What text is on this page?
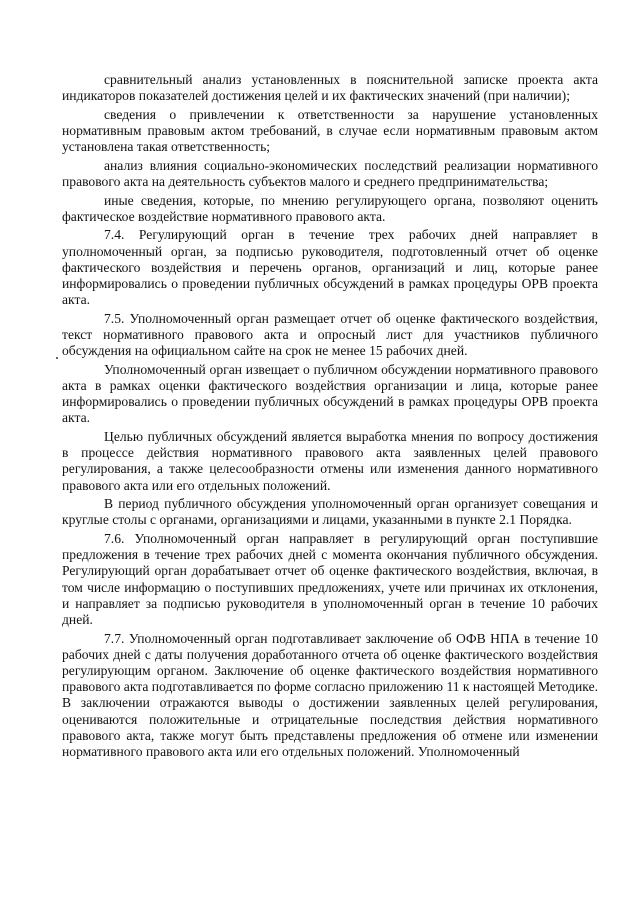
сравнительный анализ установленных в пояснительной записке проекта акта индикаторов показателей достижения целей и их фактических значений (при наличии);

сведения о привлечении к ответственности за нарушение установленных нормативным правовым актом требований, в случае если нормативным правовым актом установлена такая ответственность;

анализ влияния социально-экономических последствий реализации нормативного правового акта на деятельность субъектов малого и среднего предпринимательства;

иные сведения, которые, по мнению регулирующего органа, позволяют оценить фактическое воздействие нормативного правового акта.

7.4. Регулирующий орган в течение трех рабочих дней направляет в уполномоченный орган, за подписью руководителя, подготовленный отчет об оценке фактического воздействия и перечень органов, организаций и лиц, которые ранее информировались о проведении публичных обсуждений в рамках процедуры ОРВ проекта акта.

7.5. Уполномоченный орган размещает отчет об оценке фактического воздействия, текст нормативного правового акта и опросный лист для участников публичного обсуждения на официальном сайте на срок не менее 15 рабочих дней.

Уполномоченный орган извещает о публичном обсуждении нормативного правового акта в рамках оценки фактического воздействия организации и лица, которые ранее информировались о проведении публичных обсуждений в рамках процедуры ОРВ проекта акта.

Целью публичных обсуждений является выработка мнения по вопросу достижения в процессе действия нормативного правового акта заявленных целей правового регулирования, а также целесообразности отмены или изменения данного нормативного правового акта или его отдельных положений.

В период публичного обсуждения уполномоченный орган организует совещания и круглые столы с органами, организациями и лицами, указанными в пункте 2.1 Порядка.

7.6. Уполномоченный орган направляет в регулирующий орган поступившие предложения в течение трех рабочих дней с момента окончания публичного обсуждения. Регулирующий орган дорабатывает отчет об оценке фактического воздействия, включая, в том числе информацию о поступивших предложениях, учете или причинах их отклонения, и направляет за подписью руководителя в уполномоченный орган в течение 10 рабочих дней.

7.7. Уполномоченный орган подготавливает заключение об ОФВ НПА в течение 10 рабочих дней с даты получения доработанного отчета об оценке фактического воздействия регулирующим органом. Заключение об оценке фактического воздействия нормативного правового акта подготавливается по форме согласно приложению 11 к настоящей Методике. В заключении отражаются выводы о достижении заявленных целей регулирования, оцениваются положительные и отрицательные последствия действия нормативного правового акта, также могут быть представлены предложения об отмене или изменении нормативного правового акта или его отдельных положений. Уполномоченный
